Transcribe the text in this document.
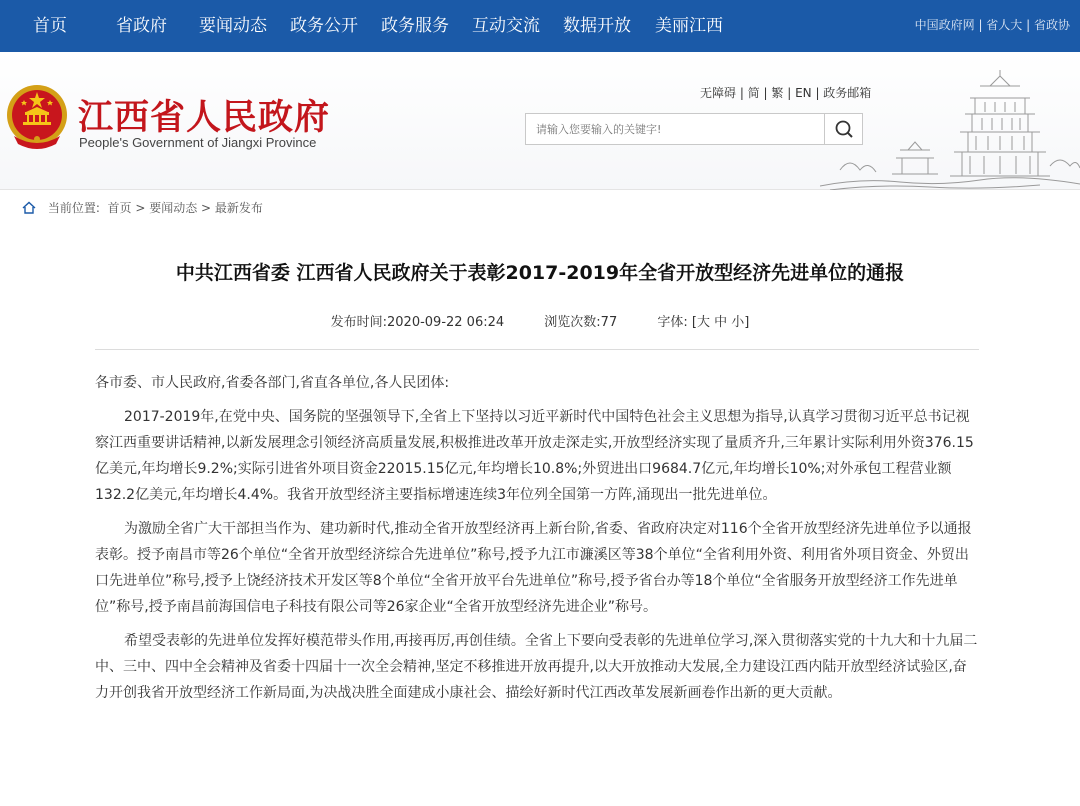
首页	省政府 要闻动态 政务公开 政务服务 互动交流 数据开放 美丽江西	中国政府网 | 省人大 | 省政协
江西省人民政府
People's Government of Jiangxi Province
无障碍 | 简 | 繁 | EN | 政务邮箱
请输入您要输入的关键字!
当前位置: 首页 > 要闻动态 > 最新发布
中共江西省委 江西省人民政府关于表彰2017-2019年全省开放型经济先进单位的通报
发布时间:2020-09-22 06:24	浏览次数:77	字体: [大 中 小]

各市委、市人民政府,省委各部门,省直各单位,各人民团体:

2017-2019年,在党中央、国务院的坚强领导下,全省上下坚持以习近平新时代中国特色社会主义思想为指导,认真学习贯彻习近平总书记视察江西重要讲话精神,以新发展理念引领经济高质量发展,积极推进改革开放走深走实,开放型经济实现了量质齐升,三年累计实际利用外资376.15亿美元,年均增长9.2%;实际引进省外项目资金22015.15亿元,年均增长10.8%;外贸进出口9684.7亿元,年均增长10%;对外承包工程营业额132.2亿美元,年均增长4.4%。我省开放型经济主要指标增速连续3年位列全国第一方阵,涌现出一批先进单位。

为激励全省广大干部担当作为、建功新时代,推动全省开放型经济再上新台阶,省委、省政府决定对116个全省开放型经济先进单位予以通报表彰。授予南昌市等26个单位“全省开放型经济综合先进单位”称号,授予九江市濂溪区等38个单位“全省利用外资、利用省外项目资金、外贸出口先进单位”称号,授予上饶经济技术开发区等8个单位“全省开放平台先进单位”称号,授予省台办等18个单位“全省服务开放型经济工作先进单位”称号,授予南昌前海国信电子科技有限公司等26家企业“全省开放型经济先进企业”称号。

希望受表彰的先进单位发挥好模范带头作用,再接再厉,再创佳绩。全省上下要向受表彰的先进单位学习,深入贯彻落实党的十九大和十九届二中、三中、四中全会精神及省委十四届十一次全会精神,坚定不移推进开放再提升,以大开放推动大发展,全力建设江西内陆开放型经济试验区,奋力开创我省开放型经济工作新局面,为决战决胜全面建成小康社会、描绘好新时代江西改革发展新画卷作出新的更大贡献。
